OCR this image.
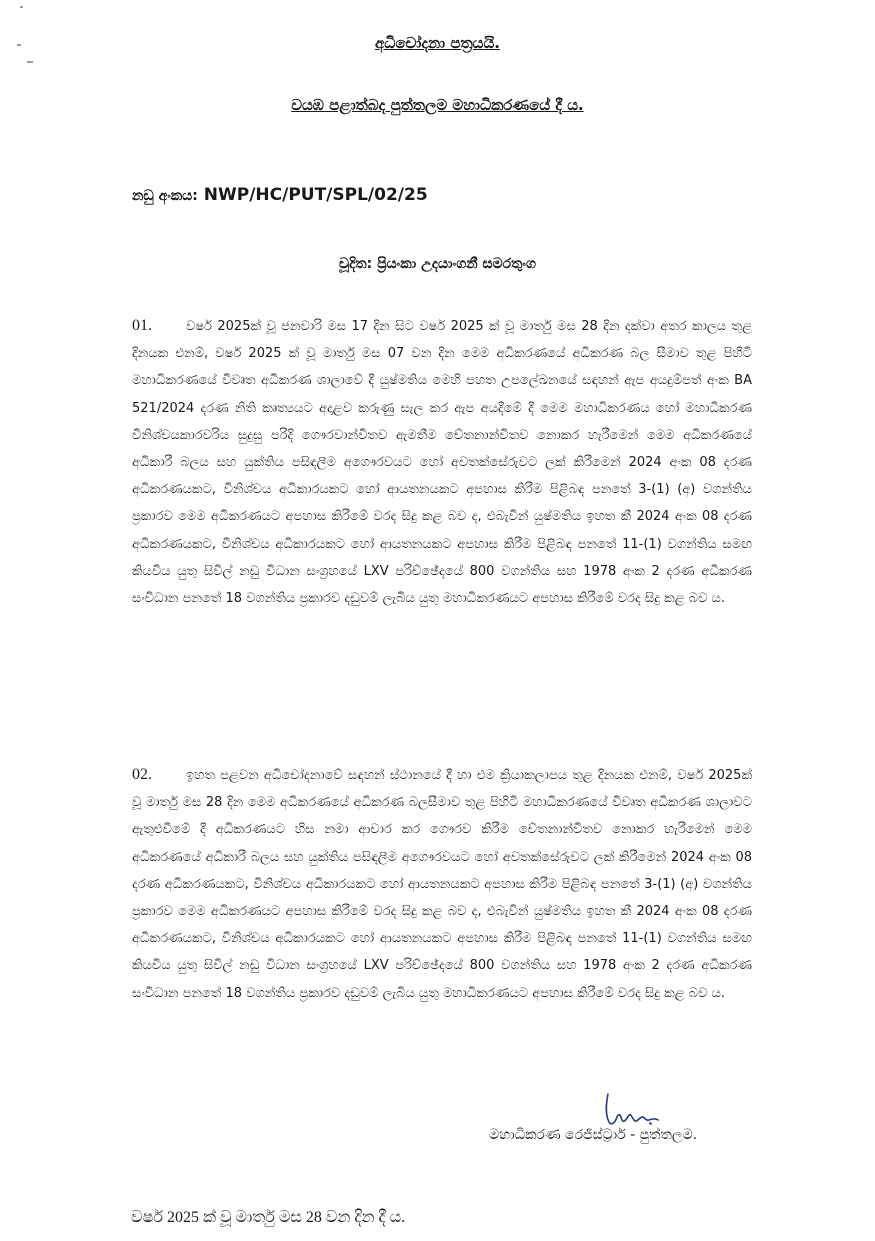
අධිචෝදනා පත්‍රයයි.
වයඹ පළාත්බද පුත්තලම මහාධිකරණයේ දී ය.
නඩු අංකය: NWP/HC/PUT/SPL/02/25
චූදිත: ප්‍රියංකා උදයාංගනී සමරතුංග
01.	වර්ෂ 2025ක් වූ ජනවාරි මස 17 දින සිට වර්ෂ 2025 ක් වූ මාර්තු මස 28 දින දක්වා අතර කාලය තුළ දිනයක එනම්, වර්ෂ 2025 ක් වූ මාර්තු මස 07 වන දින මෙම අධිකරණයේ අධිකරණ බල සීමාව තුළ පිහිටි මහාධිකරණයේ විවෘත අධිකරණ ශාලාවේ දී යුෂ්මතිය මෙහි පහත උපලේඛනයේ සඳහන් ඇප අයදුම්පත් අංක BA 521/2024 දරණ නිති කෘත්‍යයට අදාළව කරුණු සැල කර ඇප අයදීමේ දී මෙම මහාධිකරණය හෝ මහාධිකරණ විනිශ්චයකාරවරිය සුදුසු පරිදි ගෞරවාන්විතව ඇමතීම චේතනාන්විතව නොකර හැරීමෙන් මෙම අධිකරණයේ අධිකාරී බලය සහ යුක්තිය පසිඳලීම අගෞරවයට හෝ අවතක්සේරුවට ලක් කිරීමෙන් 2024 අංක 08 දරණ අධිකරණයකට, විනිශ්චය අධිකාරයකට හෝ ආයතනයකට අපහාස කිරීම පිළිබඳ පනතේ 3-(1) (අ) වගන්තිය ප්‍රකාරව මෙම අධිකරණයට අපහාස කිරීමේ වරද සිදු කළ බව ද, එබැවින් යුෂ්මතිය ඉහත කී 2024 අංක 08 දරණ අධිකරණයකට, විනිශ්චය අධිකාරයකට හෝ ආයතනයකට අපහාස කිරීම පිළිබඳ පනතේ 11-(1) වගන්තිය සමඟ කියවිය යුතු සිවිල් නඩු විධාන සංග්‍රහයේ LXV පරිච්ඡේදයේ 800 වගන්තිය සහ 1978 අංක 2 දරණ අධිකරණ සංවිධාන පනතේ 18 වගන්තිය ප්‍රකාරව දඩුවම් ලැබිය යුතු මහාධිකරණයට අපහාස කිරීමේ වරද සිදු කළ බව ය.
02.	ඉහත පළවන අධිචෝදනාවේ සඳහන් ස්ථානයේ දී හා එම ක්‍රියාකලාපය තුළ දිනයක එනම්, වර්ෂ 2025ක් වූ මාර්තු මස 28 දින මෙම අධිකරණයේ අධිකරණ බලසීමාව තුළ පිහිටි මහාධිකරණයේ විවෘත අධිකරණ ශාලාවට ඇතුළුවීමේ දී අධිකරණයට හිස නමා ආචාර කර ගෞරව කිරීම චේතනාන්විතව නොකර හැරීමෙන් මෙම අධිකරණයේ අධිකාරී බලය සහ යුක්තිය පසිඳලීම අගෞරවයට හෝ අවතක්සේරුවට ලක් කිරීමෙන් 2024 අංක 08 දරණ අධිකරණයකට, විනිශ්චය අධිකාරයකට හෝ ආයතනයකට අපහාස කිරීම පිළිබඳ පනතේ 3-(1) (අ) වගන්තිය ප්‍රකාරව මෙම අධිකරණයට අපහාස කිරීමේ වරද සිදු කළ බව ද, එබැවින් යුෂ්මතිය ඉහත කී 2024 අංක 08 දරණ අධිකරණයකට, විනිශ්චය අධිකාරයකට හෝ ආයතනයකට අපහාස කිරීම පිළිබඳ පනතේ 11-(1) වගන්තිය සමඟ කියවිය යුතු සිවිල් නඩු විධාන සංග්‍රහයේ LXV පරිච්ඡේදයේ 800 වගන්තිය සහ 1978 අංක 2 දරණ අධිකරණ සංවිධාන පනතේ 18 වගන්තිය ප්‍රකාරව දඩුවම් ලැබිය යුතු මහාධිකරණයට අපහාස කිරීමේ වරද සිදු කළ බව ය.
මහාධිකරණ රෙජිස්ට්‍රාර් - පුත්තලම.
වර්ෂ 2025 ක් වූ මාර්තු මස 28 වන දින දී ය.
